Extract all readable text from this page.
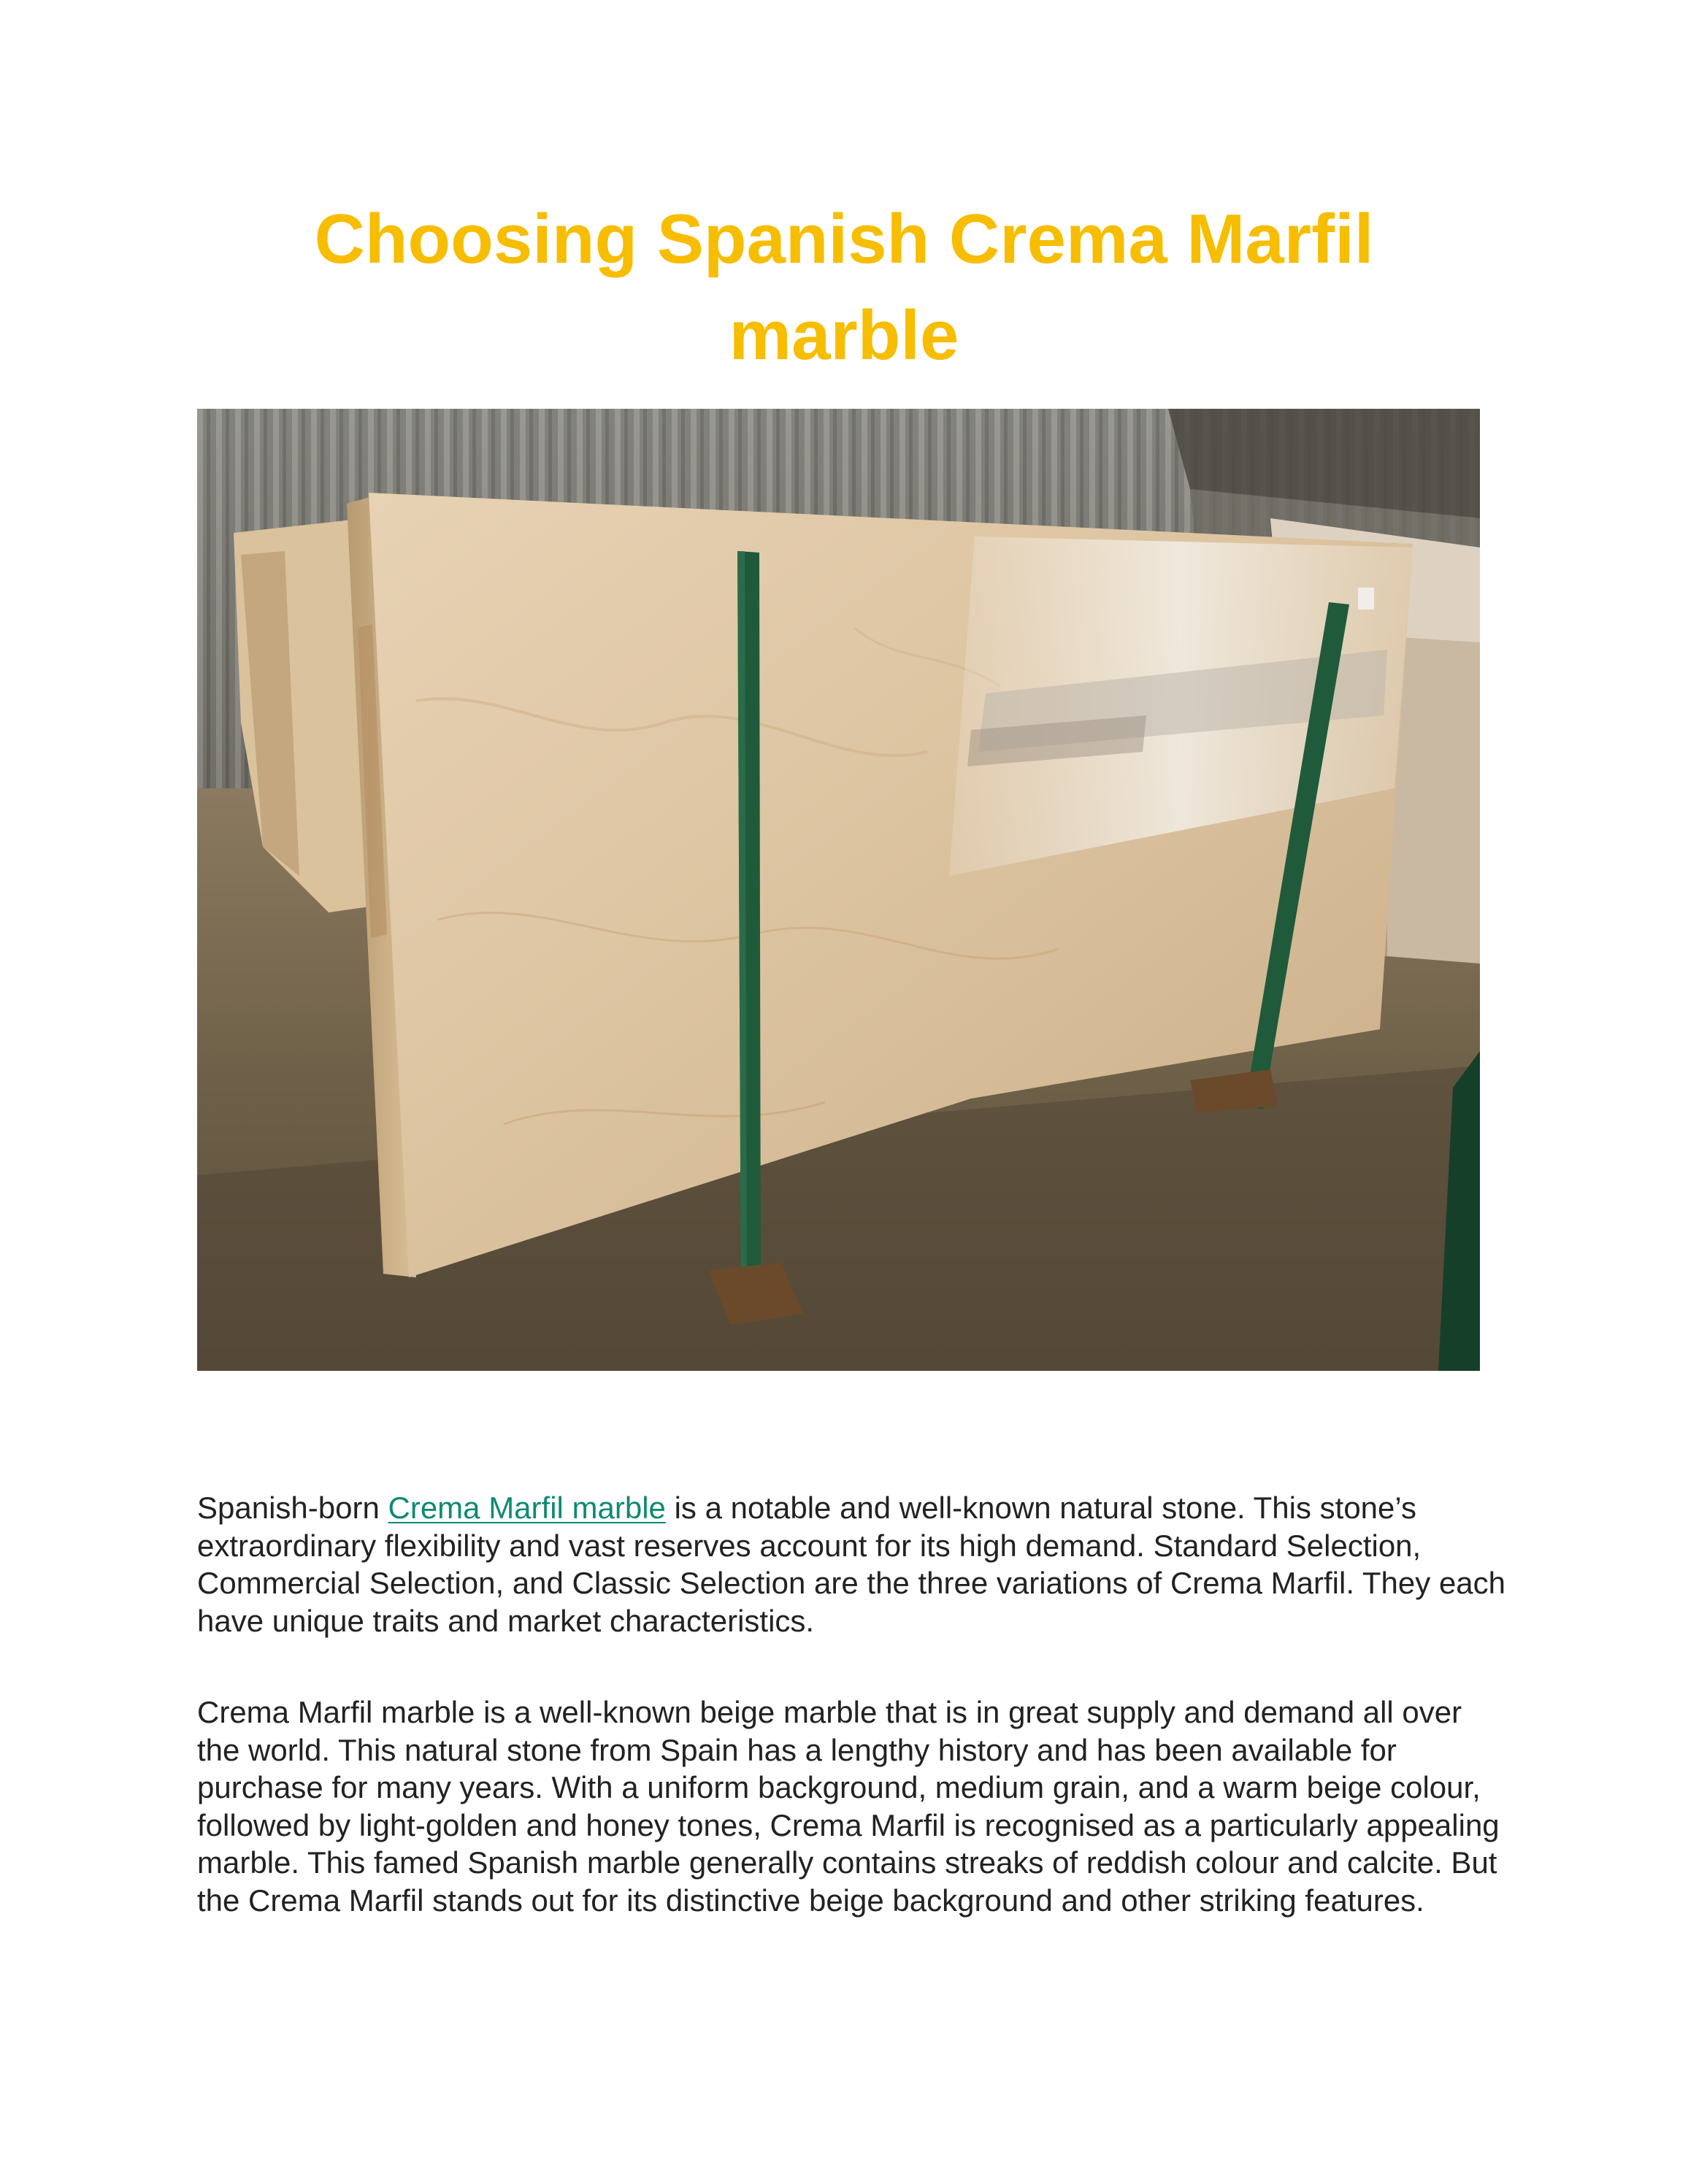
Choosing Spanish Crema Marfil
marble

Spanish-born Crema Marfil marble is a notable and well-known natural stone. This stone’s extraordinary flexibility and vast reserves account for its high demand. Standard Selection, Commercial Selection, and Classic Selection are the three variations of Crema Marfil. They each have unique traits and market characteristics.

Crema Marfil marble is a well-known beige marble that is in great supply and demand all over the world. This natural stone from Spain has a lengthy history and has been available for purchase for many years. With a uniform background, medium grain, and a warm beige colour, followed by light-golden and honey tones, Crema Marfil is recognised as a particularly appealing marble. This famed Spanish marble generally contains streaks of reddish colour and calcite. But the Crema Marfil stands out for its distinctive beige background and other striking features.
